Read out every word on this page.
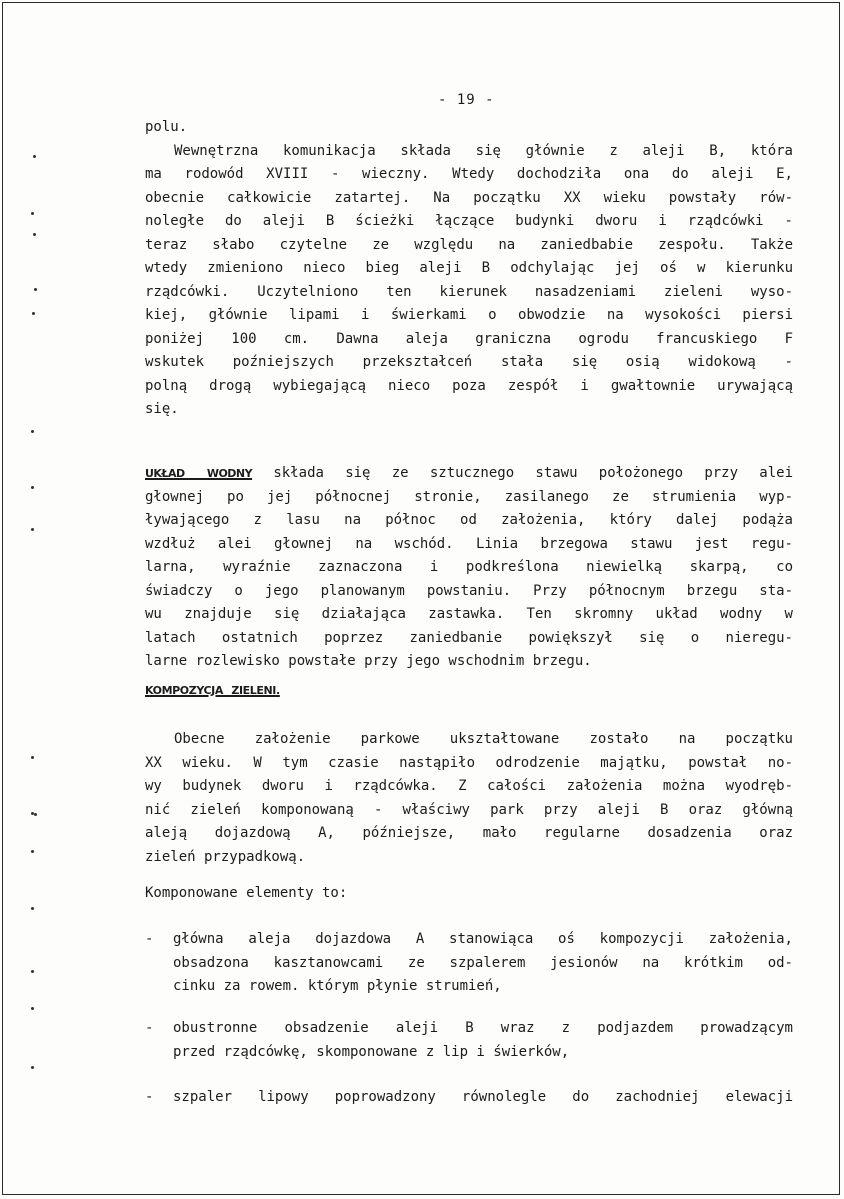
- 19 -
polu.
Wewnętrzna komunikacja składa się głównie z aleji B, która
ma rodowód XVIII - wieczny. Wtedy dochodziła ona do aleji E,
obecnie całkowicie zatartej. Na początku XX wieku powstały rów-
noległe do aleji B ścieżki łączące budynki dworu i rządcówki -
teraz słabo czytelne ze względu na zaniedbabie zespołu. Także
wtedy zmieniono nieco bieg aleji B odchylając jej oś w kierunku
rządcówki. Uczytelniono ten kierunek nasadzeniami zieleni wyso-
kiej, głównie lipami i świerkami o obwodzie na wysokości piersi
poniżej 100 cm. Dawna aleja graniczna ogrodu francuskiego F
wskutek poźniejszych przekształceń stała się osią widokową -
polną drogą wybiegającą nieco poza zespół i gwałtownie urywającą
się.
UKŁAD WODNY składa się ze sztucznego stawu położonego przy alei
głownej po jej północnej stronie, zasilanego ze strumienia wyp-
ływającego z lasu na północ od założenia, który dalej podąża
wzdłuż alei głownej na wschód. Linia brzegowa stawu jest regu-
larna, wyraźnie zaznaczona i podkreślona niewielką skarpą, co
świadczy o jego planowanym powstaniu. Przy północnym brzegu sta-
wu znajduje się działająca zastawka. Ten skromny układ wodny w
latach ostatnich poprzez zaniedbanie powiększył się o nieregu-
larne rozlewisko powstałe przy jego wschodnim brzegu.
KOMPOZYCJA ZIELENI.
Obecne założenie parkowe ukształtowane zostało na początku
XX wieku. W tym czasie nastąpiło odrodzenie majątku, powstał no-
wy budynek dworu i rządcówka. Z całości założenia można wyodręb-
nić zieleń komponowaną - właściwy park przy aleji B oraz główną
aleją dojazdową A, późniejsze, mało regularne dosadzenia oraz
zieleń przypadkową.
Komponowane elementy to:
- główna aleja dojazdowa A stanowiąca oś kompozycji założenia,
obsadzona kasztanowcami ze szpalerem jesionów na krótkim od-
cinku za rowem. którym płynie strumień,
- obustronne obsadzenie aleji B wraz z podjazdem prowadzącym
przed rządcówkę, skomponowane z lip i świerków,
- szpaler lipowy poprowadzony równolegle do zachodniej elewacji
